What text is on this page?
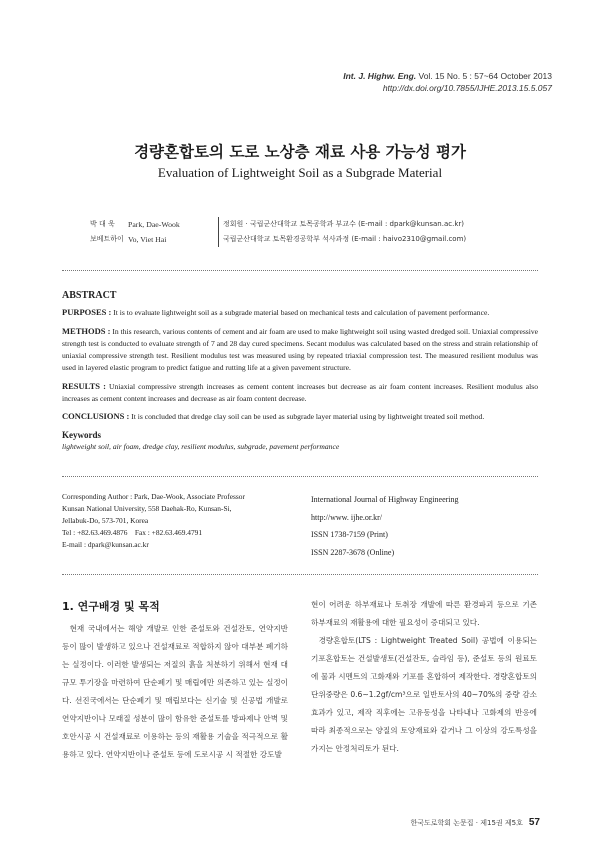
Int. J. Highw. Eng. Vol. 15 No. 5 : 57~64 October 2013
http://dx.doi.org/10.7855/IJHE.2013.15.5.057
경량혼합토의 도로 노상층 재료 사용 가능성 평가
Evaluation of Lightweight Soil as a Subgrade Material
박 대 욱	Park, Dae-Wook	정회원 · 국립군산대학교 토목공학과 부교수 (E-mail : dpark@kunsan.ac.kr)
보베트하이 Vo, Viet Hai	국립군산대학교 토목환경공학부 석사과정 (E-mail : haivo2310@gmail.com)
ABSTRACT

PURPOSES : It is to evaluate lightweight soil as a subgrade material based on mechanical tests and calculation of pavement performance.

METHODS : In this research, various contents of cement and air foam are used to make lightweight soil using wasted dredged soil. Uniaxial compressive strength test is conducted to evaluate strength of 7 and 28 day cured specimens. Secant modulus was calculated based on the stress and strain relationship of uniaxial compressive strength test. Resilient modulus test was measured using by repeated triaxial compression test. The measured resilient modulus was used in layered elastic program to predict fatigue and rutting life at a given pavement structure.

RESULTS : Uniaxial compressive strength increases as cement content increases but decrease as air foam content increases. Resilient modulus also increases as cement content increases and decrease as air foam content decrease.

CONCLUSIONS : It is concluded that dredge clay soil can be used as subgrade layer material using by lightweight treated soil method.

Keywords
lightweight soil, air foam, dredge clay, resilient modulus, subgrade, pavement performance
Corresponding Author : Park, Dae-Wook, Associate Professor
Kunsan National University, 558 Daehak-Ro, Kunsan-Si,
Jellabuk-Do, 573-701, Korea
Tel : +82.63.469.4876    Fax : +82.63.469.4791
E-mail : dpark@kunsan.ac.kr
International Journal of Highway Engineering
http://www. ijhe.or.kr/
ISSN 1738-7159 (Print)
ISSN 2287-3678 (Online)
1. 연구배경 및 목적

현재 국내에서는 해양 개발로 인한 준설토와 건설잔토, 연약지반 등이 많이 발생하고 있으나 건설재료로 적합하지 않아 대부분 폐기하는 실정이다. 이러한 발생되는 저질의 흙을 처분하기 위해서 현재 대규모 투기장을 마련하여 단순폐기 및 매립에만 의존하고 있는 실정이다. 선진국에서는 단순폐기 및 매립보다는 신기술 및 신공법 개발로 연약지반이나 모래질 성분이 많이 함유한 준설토를 방파제나 안벽 및 호안시공 시 건설재료로 이용하는 등의 재활용 기술을 적극적으로 활용하고 있다. 연약지반이나 준설토 등에 도로시공 시 적절한 강도발

현이 어려운 하부재료나 토취장 개발에 따른 환경파괴 등으로 기존 하부재료의 재활용에 대한 필요성이 증대되고 있다.

경량혼합토(LTS : Lightweight Treated Soil) 공법에 이용되는 기포혼합토는 건설발생토(건설잔토, 슬라임 등), 준설토 등의 원료토에 물과 시멘트의 고화재와 기포를 혼합하여 제작한다. 경량혼합토의 단위중량은 0.6~1.2gf/cm³으로 일반토사의 40~70%의 중량 감소 효과가 있고, 제작 직후에는 고유동성을 나타내나 고화제의 반응에 따라 최종적으로는 양질의 토양재료와 같거나 그 이상의 강도특성을 가지는 안정처리토가 된다.

한국도로학회 논문집 · 제15권 제5호 57
